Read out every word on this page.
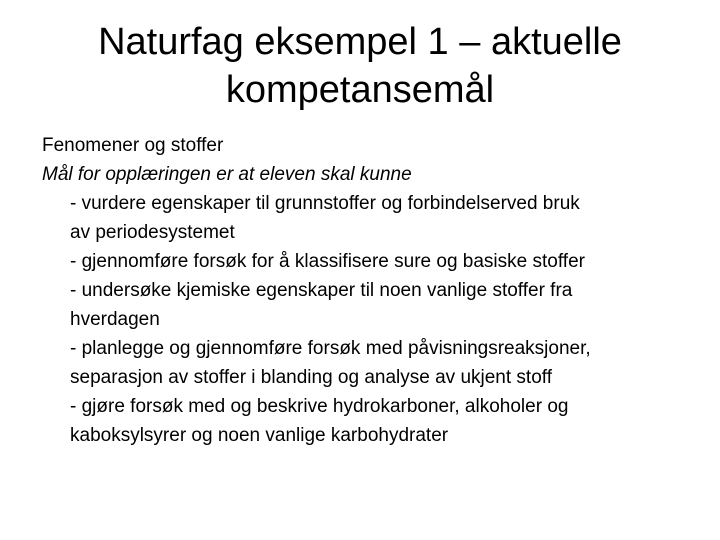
Naturfag eksempel 1 – aktuelle
kompetansemål

Fenomener og stoffer

Mål for opplæringen er at eleven skal kunne

- vurdere egenskaper til grunnstoffer og forbindelserved bruk
av periodesystemet
- gjennomføre forsøk for å klassifisere sure og basiske stoffer
- undersøke kjemiske egenskaper til noen vanlige stoffer fra
hverdagen
- planlegge og gjennomføre forsøk med påvisningsreaksjoner,
separasjon av stoffer i blanding og analyse av ukjent stoff
- gjøre forsøk med og beskrive hydrokarboner, alkoholer og
kaboksylsyrer og noen vanlige karbohydrater
